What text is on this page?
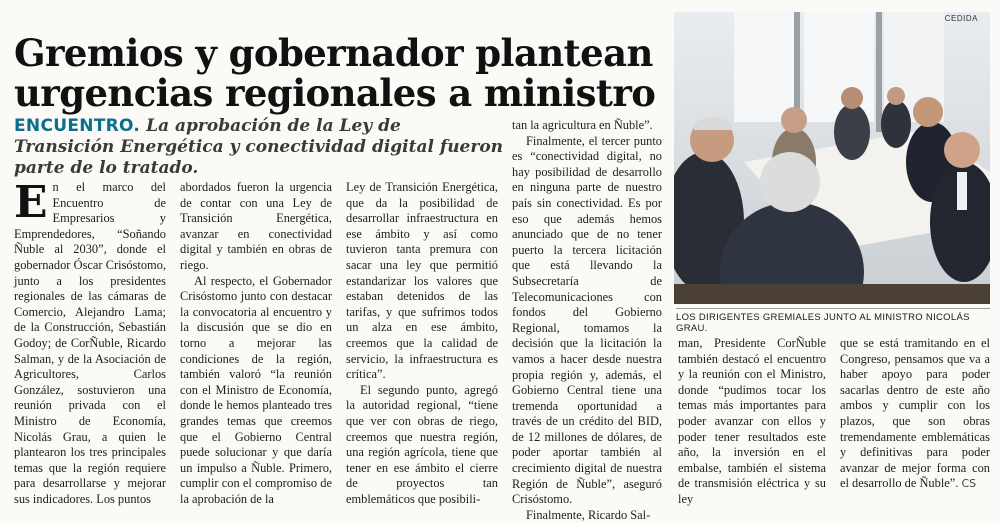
Gremios y gobernador plantean urgencias regionales a ministro
ENCUENTRO. La aprobación de la Ley de Transición Energética y conectividad digital fueron parte de lo tratado.
E n el marco del Encuentro de Empresarios y Emprendedores, “Soñando Ñuble al 2030”, donde el gobernador Óscar Crisóstomo, junto a los presidentes regionales de las cámaras de Comercio, Alejandro Lama; de la Construcción, Sebastián Godoy; de CorÑuble, Ricardo Salman, y de la Asociación de Agricultores, Carlos González, sostuvieron una reunión privada con el Ministro de Economía, Nicolás Grau, a quien le plantearon los tres principales temas que la región requiere para desarrollarse y mejorar sus indicadores. Los puntos

abordados fueron la urgencia de contar con una Ley de Transición Energética, avanzar en conectividad digital y también en obras de riego.

Al respecto, el Gobernador Crisóstomo junto con destacar la convocatoria al encuentro y la discusión que se dio en torno a mejorar las condiciones de la región, también valoró “la reunión con el Ministro de Economía, donde le hemos planteado tres grandes temas que creemos que el Gobierno Central puede solucionar y que daría un impulso a Ñuble. Primero, cumplir con el compromiso de la aprobación de la

Ley de Transición Energética, que da la posibilidad de desarrollar infraestructura en ese ámbito y así como tuvieron tanta premura con sacar una ley que permitió estandarizar los valores que estaban detenidos de las tarifas, y que sufrimos todos un alza en ese ámbito, creemos que la calidad de servicio, la infraestructura es crítica”.

El segundo punto, agregó la autoridad regional, “tiene que ver con obras de riego, creemos que nuestra región, una región agrícola, tiene que tener en ese ámbito el cierre de proyectos tan emblemáticos que posibili-

tan la agricultura en Ñuble”.

Finalmente, el tercer punto es “conectividad digital, no hay posibilidad de desarrollo en ninguna parte de nuestro país sin conectividad. Es por eso que además hemos anunciado que de no tener puerto la tercera licitación que está llevando la Subsecretaría de Telecomunicaciones con fondos del Gobierno Regional, tomamos la decisión que la licitación la vamos a hacer desde nuestra propia región y, además, el Gobierno Central tiene una tremenda oportunidad a través de un crédito del BID, de 12 millones de dólares, de poder aportar también al crecimiento digital de nuestra Región de Ñuble”, aseguró Crisóstomo.

Finalmente, Ricardo Sal-

CEDIDA
LOS DIRIGENTES GREMIALES JUNTO AL MINISTRO NICOLÁS GRAU.

man, Presidente CorÑuble también destacó el encuentro y la reunión con el Ministro, donde “pudimos tocar los temas más importantes para poder avanzar con ellos y poder tener resultados este año, la inversión en el embalse, también el sistema de transmisión eléctrica y su ley

que se está tramitando en el Congreso, pensamos que va a haber apoyo para poder sacarlas dentro de este año ambos y cumplir con los plazos, que son obras tremendamente emblemáticas y definitivas para poder avanzar de mejor forma con el desarrollo de Ñuble”. CS
